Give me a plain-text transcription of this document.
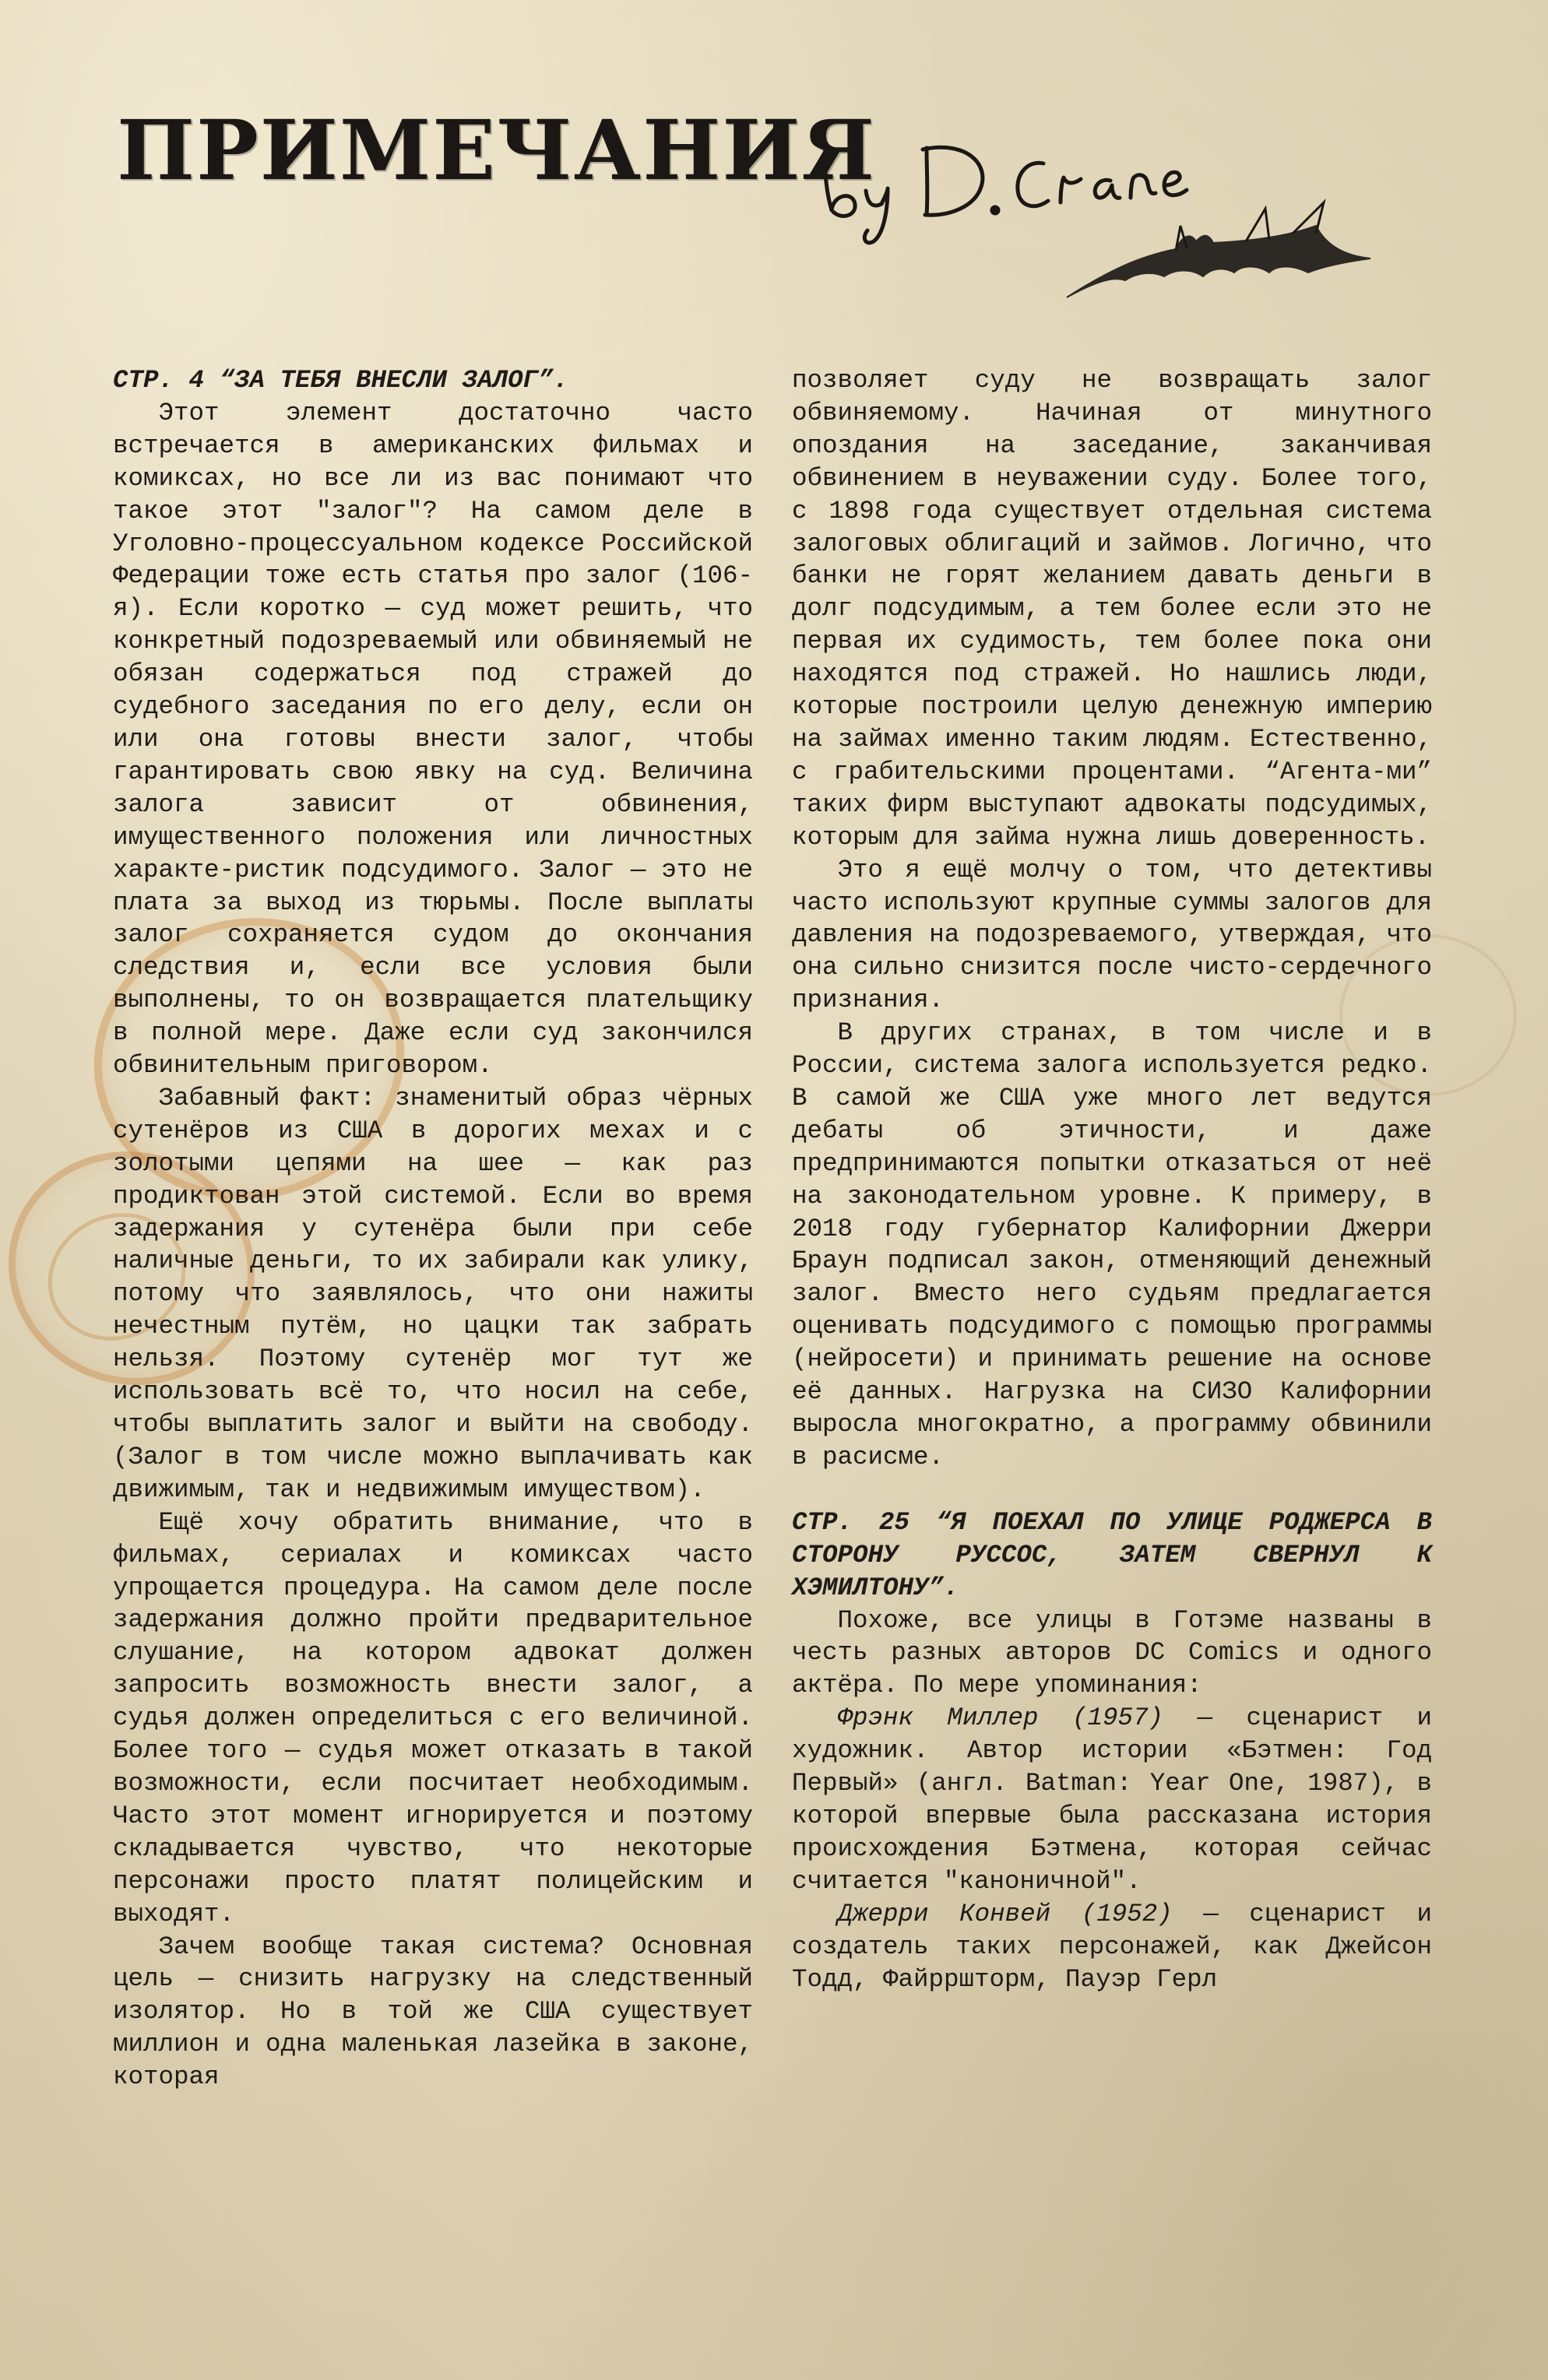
ПРИМЕЧАНИЯ
СТР. 4 “ЗА ТЕБЯ ВНЕСЛИ ЗАЛОГ”.

Этот элемент достаточно часто встречается в американских фильмах и комиксах, но все ли из вас понимают что такое этот "залог"? На самом деле в Уголовно-процессуальном кодексе Российской Федерации тоже есть статья про залог (106-я). Если коротко — суд может решить, что конкретный подозреваемый или обвиняемый не обязан содержаться под стражей до судебного заседания по его делу, если он или она готовы внести залог, чтобы гарантировать свою явку на суд. Величина залога зависит от обвинения, имущественного положения или личностных характе-ристик подсудимого. Залог — это не плата за выход из тюрьмы. После выплаты залог сохраняется судом до окончания следствия и, если все условия были выполнены, то он возвращается плательщику в полной мере. Даже если суд закончился обвинительным приговором.

Забавный факт: знаменитый образ чёрных сутенёров из США в дорогих мехах и с золотыми цепями на шее — как раз продиктован этой системой. Если во время задержания у сутенёра были при себе наличные деньги, то их забирали как улику, потому что заявлялось, что они нажиты нечестным путём, но цацки так забрать нельзя. Поэтому сутенёр мог тут же использовать всё то, что носил на себе, чтобы выплатить залог и выйти на свободу. (Залог в том числе можно выплачивать как движимым, так и недвижимым имуществом).

Ещё хочу обратить внимание, что в фильмах, сериалах и комиксах часто упрощается процедура. На самом деле после задержания должно пройти предварительное слушание, на котором адвокат должен запросить возможность внести залог, а судья должен определиться с его величиной. Более того — судья может отказать в такой возможности, если посчитает необходимым. Часто этот момент игнорируется и поэтому складывается чувство, что некоторые персонажи просто платят полицейским и выходят.

Зачем вообще такая система? Основная цель — снизить нагрузку на следственный изолятор. Но в той же США существует миллион и одна маленькая лазейка в законе, которая

позволяет суду не возвращать залог обвиняемому. Начиная от минутного опоздания на заседание, заканчивая обвинением в неуважении суду. Более того, с 1898 года существует отдельная система залоговых облигаций и займов. Логично, что банки не горят желанием давать деньги в долг подсудимым, а тем более если это не первая их судимость, тем более пока они находятся под стражей. Но нашлись люди, которые построили целую денежную империю на займах именно таким людям. Естественно, с грабительскими процентами. “Агента-ми” таких фирм выступают адвокаты подсудимых, которым для займа нужна лишь доверенность.

Это я ещё молчу о том, что детективы часто используют крупные суммы залогов для давления на подозреваемого, утверждая, что она сильно снизится после чисто-сердечного признания.

В других странах, в том числе и в России, система залога используется редко. В самой же США уже много лет ведутся дебаты об этичности, и даже предпринимаются попытки отказаться от неё на законодательном уровне. К примеру, в 2018 году губернатор Калифорнии Джерри Браун подписал закон, отменяющий денежный залог. Вместо него судьям предлагается оценивать подсудимого с помощью программы (нейросети) и принимать решение на основе её данных. Нагрузка на СИЗО Калифорнии выросла многократно, а программу обвинили в расисме.

СТР. 25 “Я ПОЕХАЛ ПО УЛИЦЕ РОДЖЕРСА В СТОРОНУ РУССОС, ЗАТЕМ СВЕРНУЛ К ХЭМИЛТОНУ”.

Похоже, все улицы в Готэме названы в честь разных авторов DC Comics и одного актёра. По мере упоминания:

Фрэнк Миллер (1957) — сценарист и художник. Автор истории «Бэтмен: Год Первый» (англ. Batman: Year One, 1987), в которой впервые была рассказана история происхождения Бэтмена, которая сейчас считается "каноничной".

Джерри Конвей (1952) — сценарист и создатель таких персонажей, как Джейсон Тодд, Файрршторм, Пауэр Герл
